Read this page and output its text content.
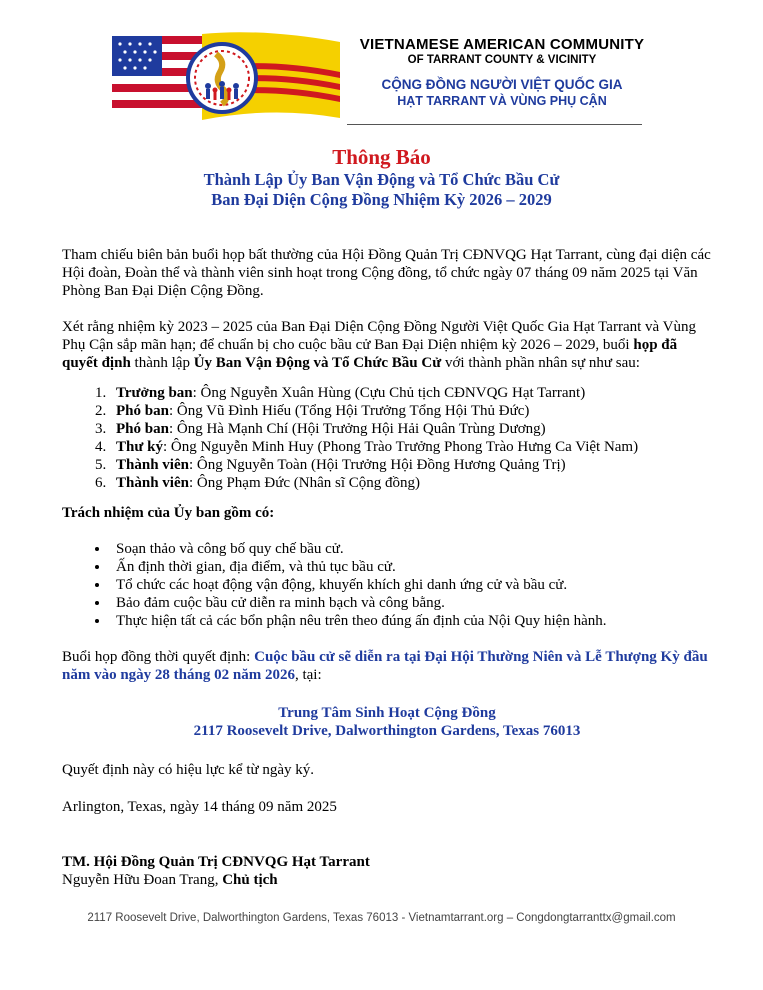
VIETNAMESE AMERICAN COMMUNITY
OF TARRANT COUNTY & VICINITY
CỘNG ĐỒNG NGƯỜI VIỆT QUỐC GIA
HẠT TARRANT VÀ VÙNG PHỤ CẬN
Thông Báo
Thành Lập Ủy Ban Vận Động và Tổ Chức Bầu Cử
Ban Đại Diện Cộng Đồng Nhiệm Kỳ 2026 – 2029

Tham chiếu biên bản buổi họp bất thường của Hội Đồng Quản Trị CĐNVQG Hạt Tarrant, cùng đại diện các Hội đoàn, Đoàn thể và thành viên sinh hoạt trong Cộng đồng, tổ chức ngày 07 tháng 09 năm 2025 tại Văn Phòng Ban Đại Diện Cộng Đồng.

Xét rằng nhiệm kỳ 2023 – 2025 của Ban Đại Diện Cộng Đồng Người Việt Quốc Gia Hạt Tarrant và Vùng Phụ Cận sắp mãn hạn; để chuẩn bị cho cuộc bầu cử Ban Đại Diện nhiệm kỳ 2026 – 2029, buổi họp đã quyết định thành lập Ủy Ban Vận Động và Tổ Chức Bầu Cử với thành phần nhân sự như sau:

1. Trưởng ban: Ông Nguyễn Xuân Hùng (Cựu Chủ tịch CĐNVQG Hạt Tarrant)
2. Phó ban: Ông Vũ Đình Hiếu (Tổng Hội Trưởng Tổng Hội Thủ Đức)
3. Phó ban: Ông Hà Mạnh Chí (Hội Trưởng Hội Hải Quân Trùng Dương)
4. Thư ký: Ông Nguyễn Minh Huy (Phong Trào Trưởng Phong Trào Hưng Ca Việt Nam)
5. Thành viên: Ông Nguyễn Toàn (Hội Trưởng Hội Đồng Hương Quảng Trị)
6. Thành viên: Ông Phạm Đức (Nhân sĩ Cộng đồng)

Trách nhiệm của Ủy ban gồm có:

• Soạn thảo và công bố quy chế bầu cử.
• Ấn định thời gian, địa điểm, và thủ tục bầu cử.
• Tổ chức các hoạt động vận động, khuyến khích ghi danh ứng cử và bầu cử.
• Bảo đảm cuộc bầu cử diễn ra minh bạch và công bằng.
• Thực hiện tất cả các bổn phận nêu trên theo đúng ấn định của Nội Quy hiện hành.

Buổi họp đồng thời quyết định: Cuộc bầu cử sẽ diễn ra tại Đại Hội Thường Niên và Lễ Thượng Kỳ đầu năm vào ngày 28 tháng 02 năm 2026, tại:

Trung Tâm Sinh Hoạt Cộng Đồng
2117 Roosevelt Drive, Dalworthington Gardens, Texas 76013

Quyết định này có hiệu lực kể từ ngày ký.

Arlington, Texas, ngày 14 tháng 09 năm 2025

TM. Hội Đồng Quản Trị CĐNVQG Hạt Tarrant
Nguyễn Hữu Đoan Trang, Chủ tịch
2117 Roosevelt Drive, Dalworthington Gardens, Texas 76013 - Vietnamtarrant.org – Congdongtarranttx@gmail.com
